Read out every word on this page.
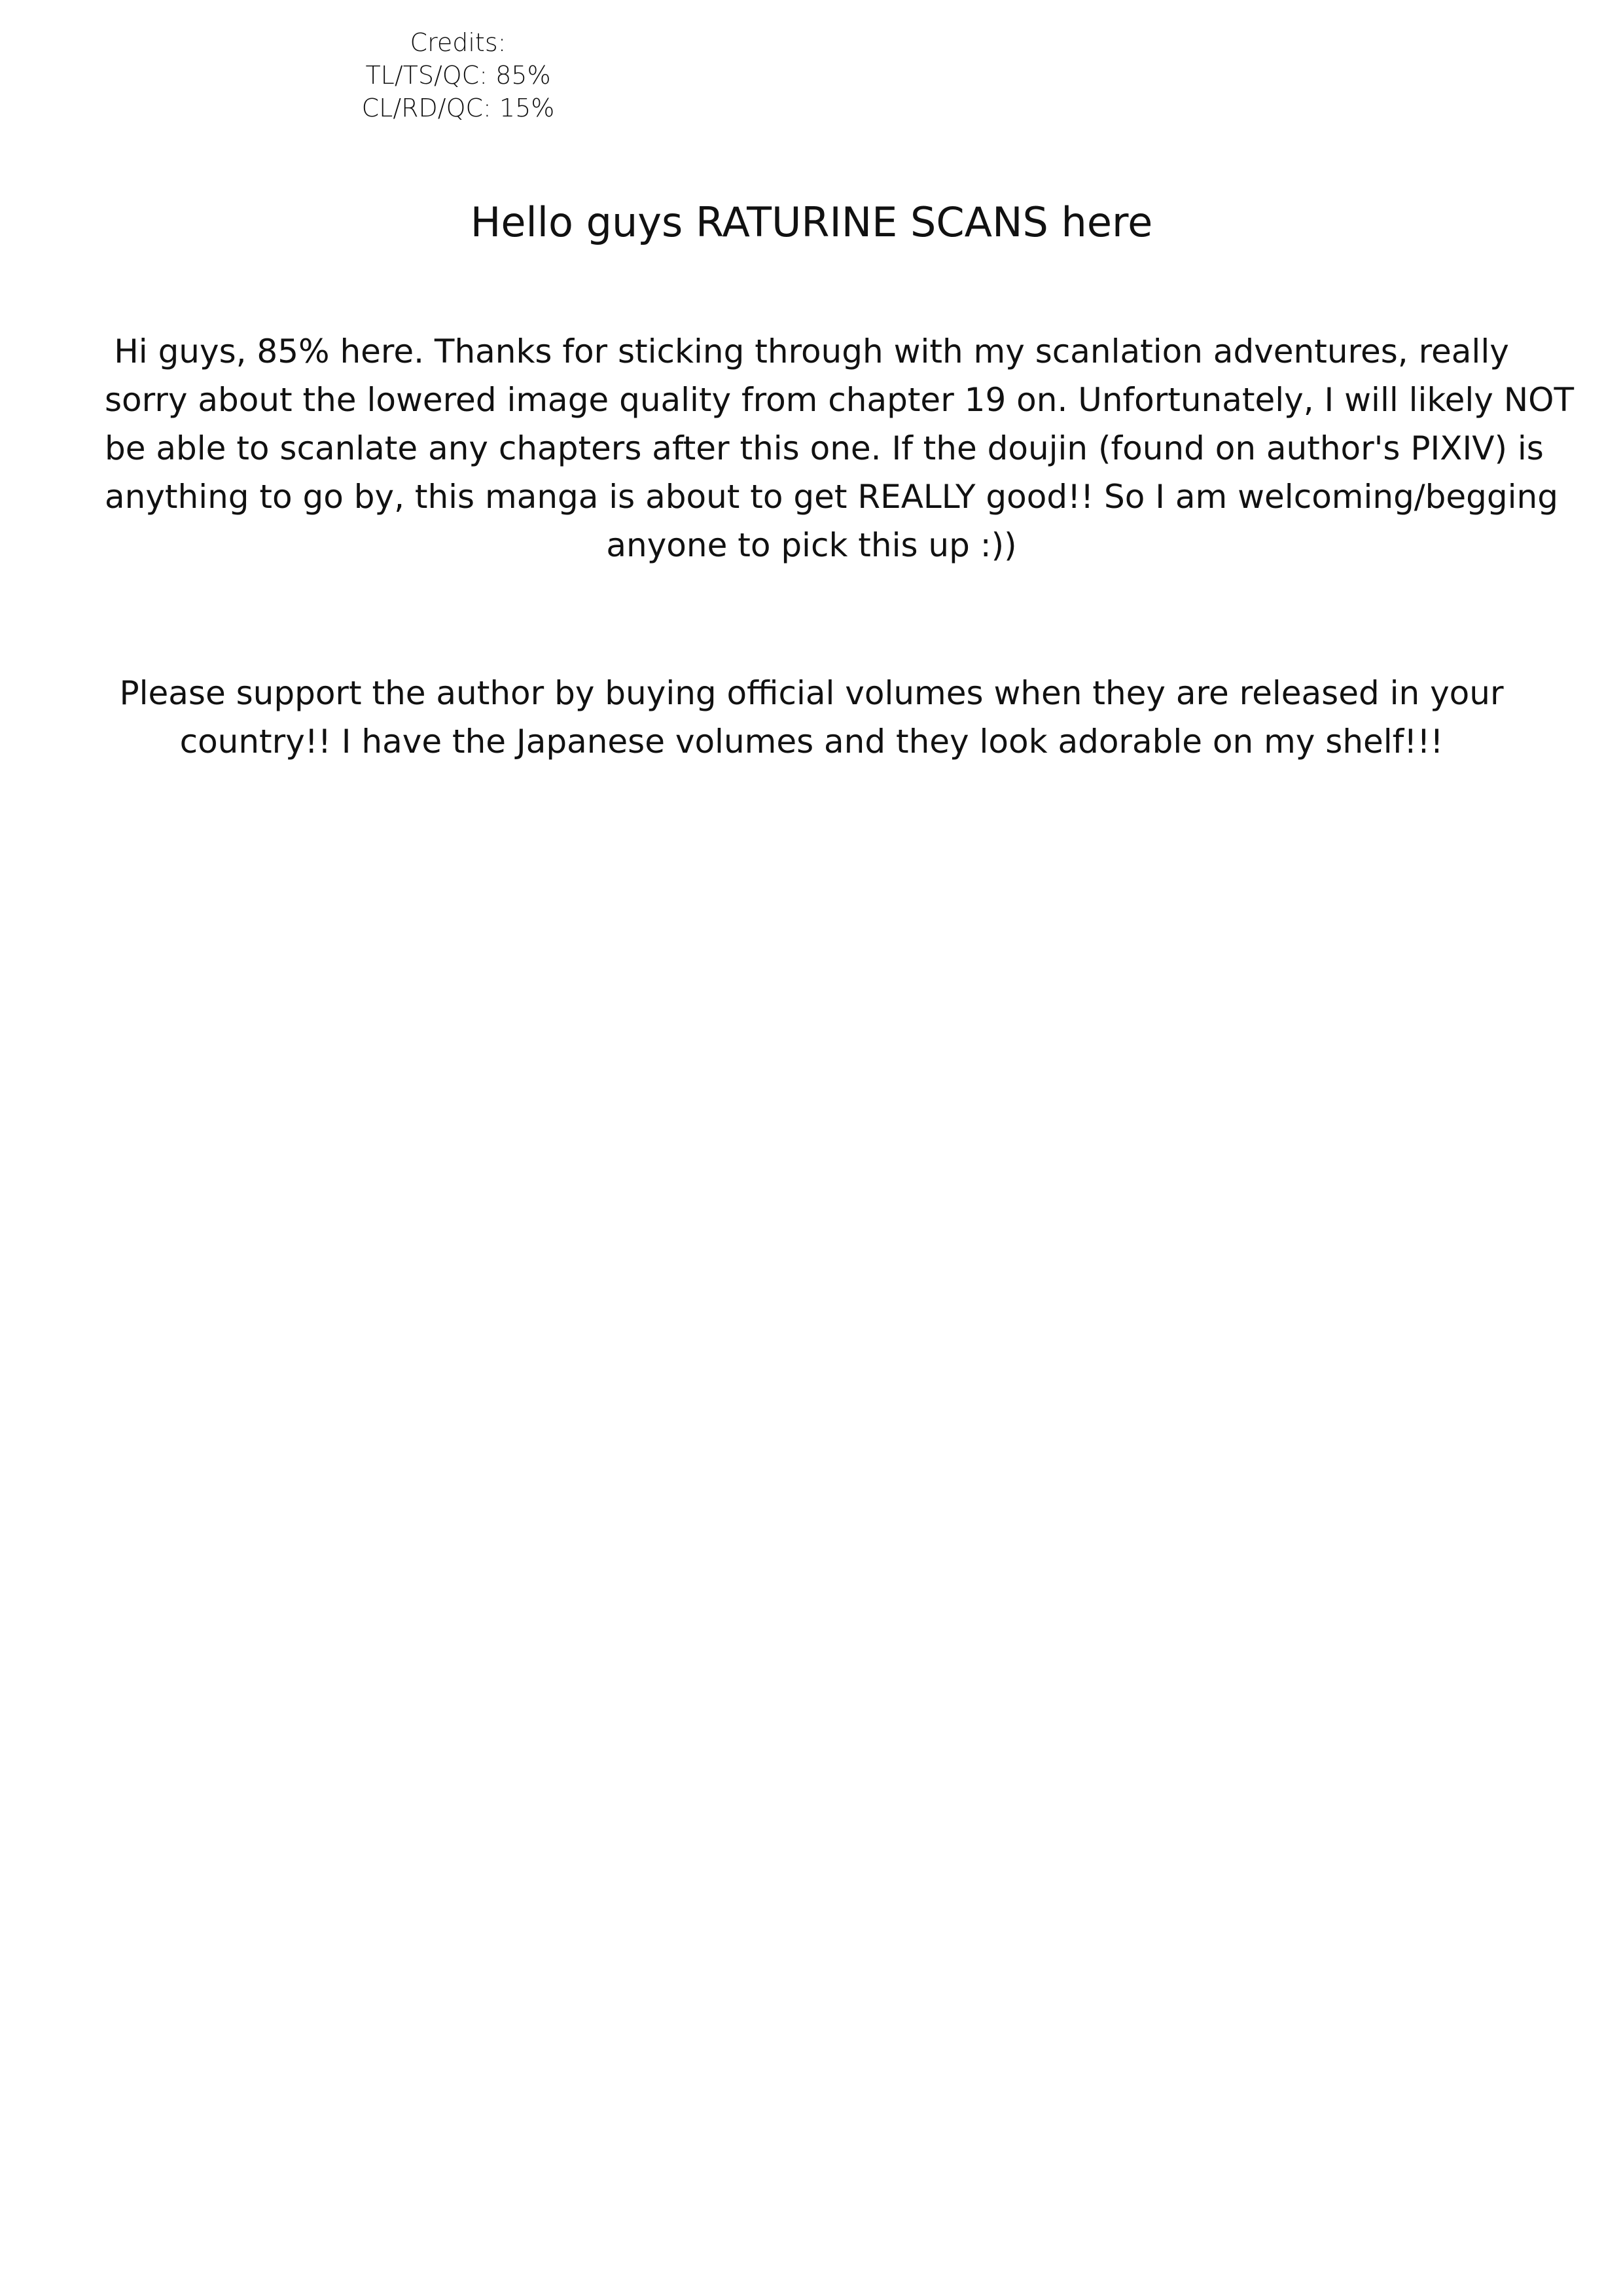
Credits:
TL/TS/QC: 85%
CL/RD/QC: 15%
Hello guys RATURINE SCANS here
Hi guys, 85% here. Thanks for sticking through with my scanlation adventures, really
sorry about the lowered image quality from chapter 19 on. Unfortunately, I will likely NOT
be able to scanlate any chapters after this one. If the doujin (found on author's PIXIV) is
anything to go by, this manga is about to get REALLY good!! So I am welcoming/begging
anyone to pick this up :))
Please support the author by buying official volumes when they are released in your
country!! I have the Japanese volumes and they look adorable on my shelf!!!
